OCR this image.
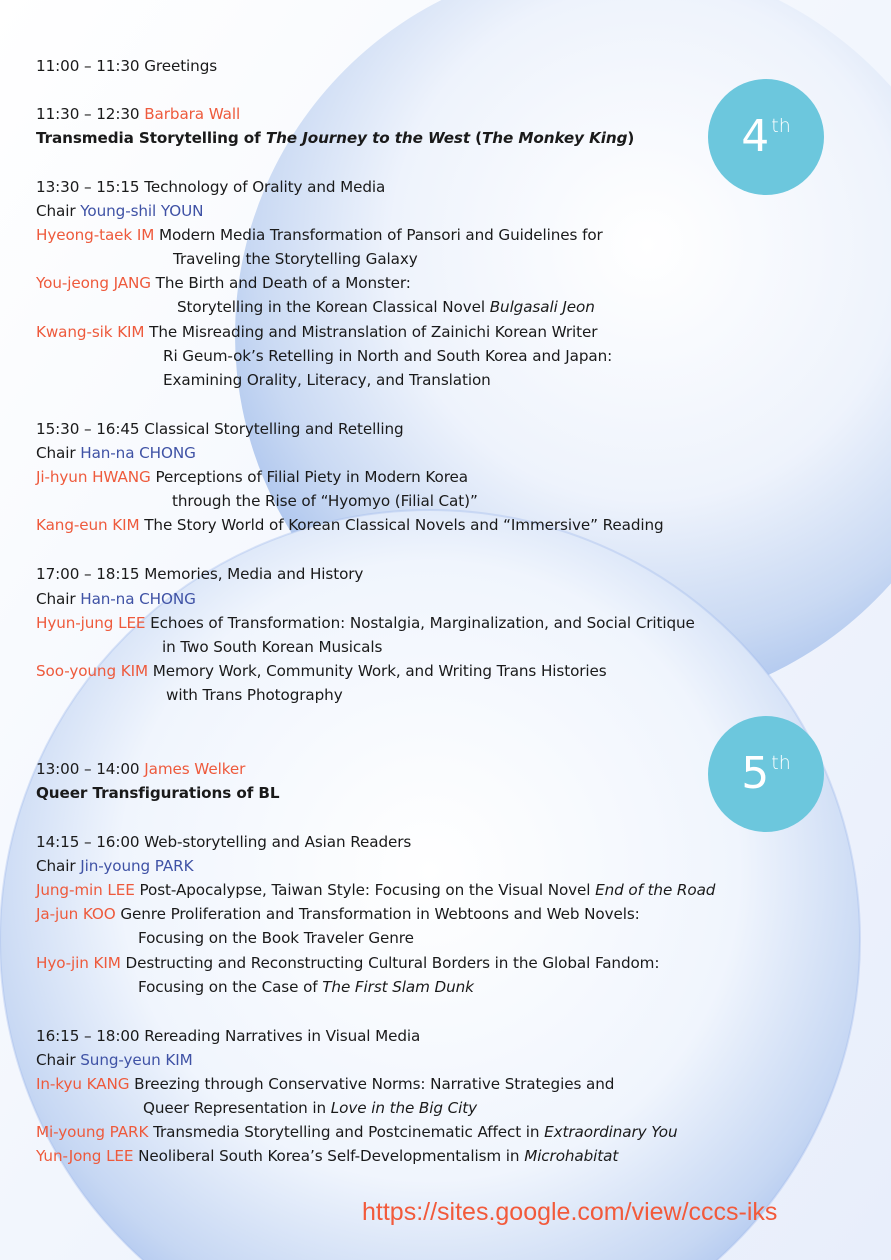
4 th
5 th
11:00 – 11:30 Greetings
11:30 – 12:30 Barbara Wall
Transmedia Storytelling of The Journey to the West (The Monkey King)
13:30 – 15:15 Technology of Orality and Media
Chair Young-shil YOUN
Hyeong-taek IM Modern Media Transformation of Pansori and Guidelines for
Traveling the Storytelling Galaxy
You-jeong JANG The Birth and Death of a Monster:
Storytelling in the Korean Classical Novel Bulgasali Jeon
Kwang-sik KIM The Misreading and Mistranslation of Zainichi Korean Writer
Ri Geum-ok’s Retelling in North and South Korea and Japan:
Examining Orality, Literacy, and Translation
15:30 – 16:45 Classical Storytelling and Retelling
Chair Han-na CHONG
Ji-hyun HWANG Perceptions of Filial Piety in Modern Korea
through the Rise of “Hyomyo (Filial Cat)”
Kang-eun KIM The Story World of Korean Classical Novels and “Immersive” Reading
17:00 – 18:15 Memories, Media and History
Chair Han-na CHONG
Hyun-jung LEE Echoes of Transformation: Nostalgia, Marginalization, and Social Critique
in Two South Korean Musicals
Soo-young KIM Memory Work, Community Work, and Writing Trans Histories
with Trans Photography
13:00 – 14:00 James Welker
Queer Transfigurations of BL
14:15 – 16:00 Web-storytelling and Asian Readers
Chair Jin-young PARK
Jung-min LEE Post-Apocalypse, Taiwan Style: Focusing on the Visual Novel End of the Road
Ja-jun KOO Genre Proliferation and Transformation in Webtoons and Web Novels:
Focusing on the Book Traveler Genre
Hyo-jin KIM Destructing and Reconstructing Cultural Borders in the Global Fandom:
Focusing on the Case of The First Slam Dunk
16:15 – 18:00 Rereading Narratives in Visual Media
Chair Sung-yeun KIM
In-kyu KANG Breezing through Conservative Norms: Narrative Strategies and
Queer Representation in Love in the Big City
Mi-young PARK Transmedia Storytelling and Postcinematic Affect in Extraordinary You
Yun-Jong LEE Neoliberal South Korea’s Self-Developmentalism in Microhabitat
https://sites.google.com/view/cccs-iks
